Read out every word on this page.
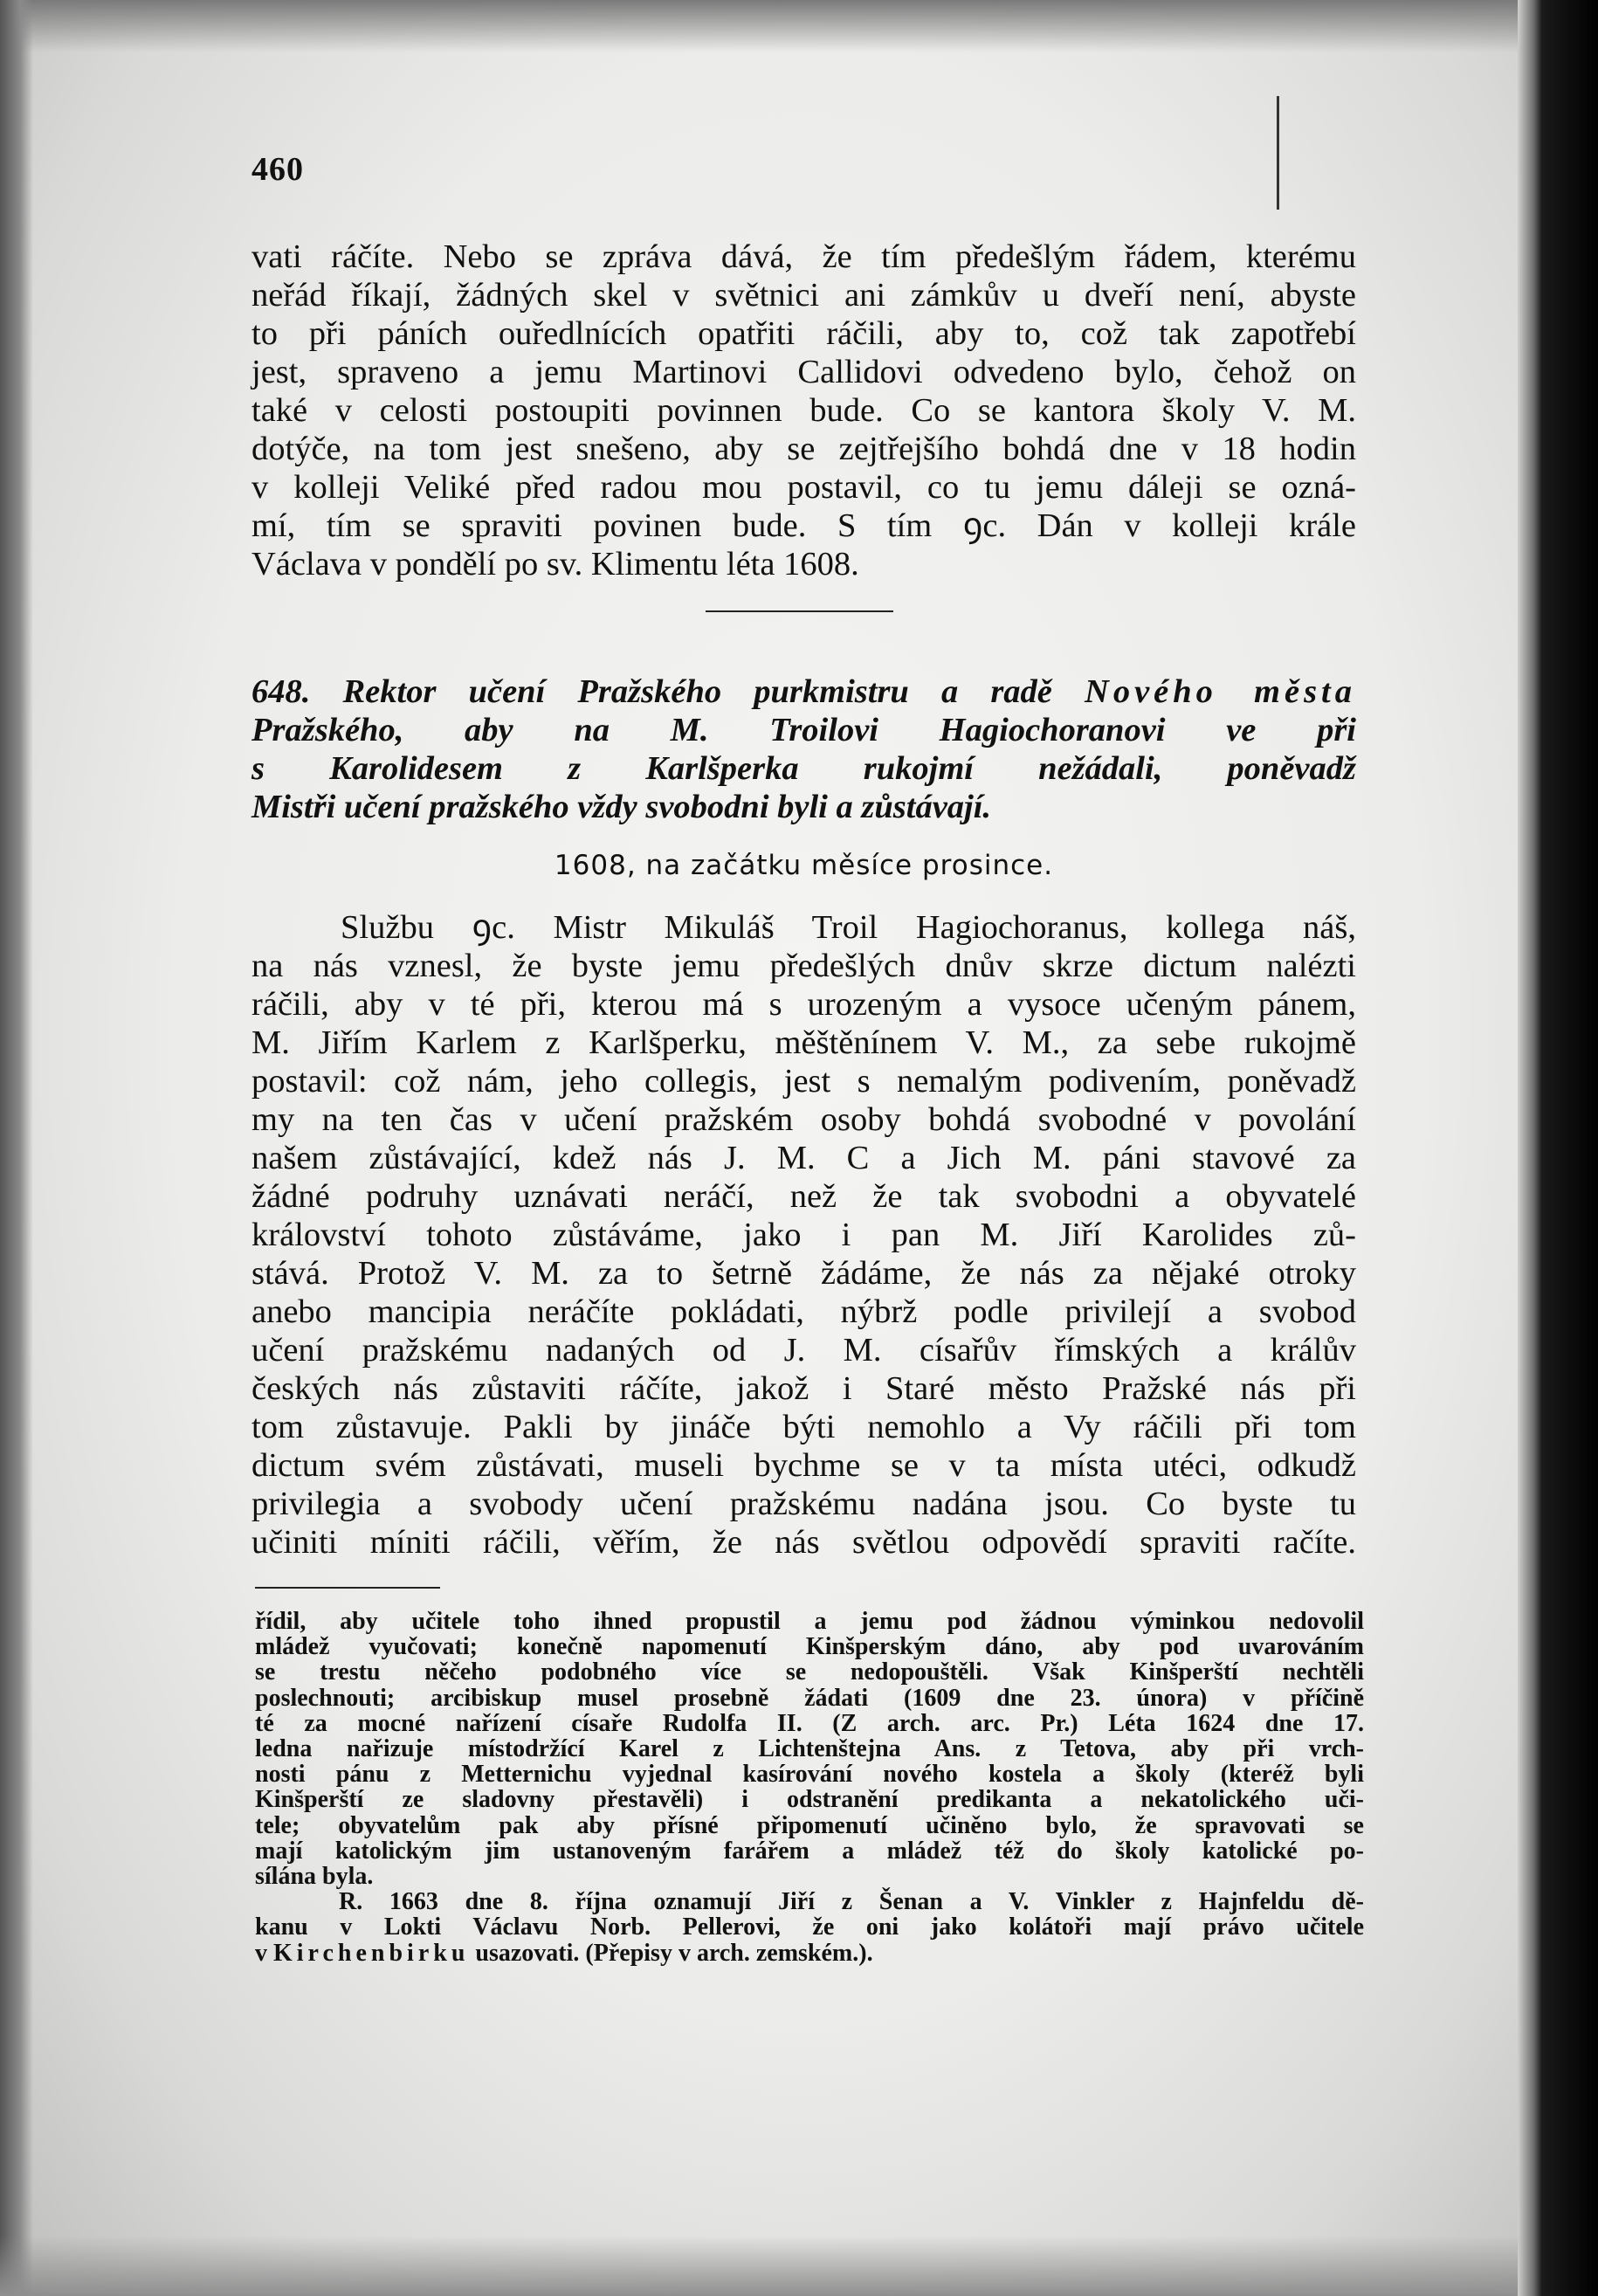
460
vati ráčíte. Nebo se zpráva dává, že tím předešlým řádem, kterému
neřád říkají, žádných skel v světnici ani zámkův u dveří není, abyste
to při páních ouředlnících opatřiti ráčili, aby to, což tak zapotřebí
jest, spraveno a jemu Martinovi Callidovi odvedeno bylo, čehož on
také v celosti postoupiti povinnen bude. Co se kantora školy V. M.
dotýče, na tom jest snešeno, aby se zejtřejšího bohdá dne v 18 hodin
v kolleji Veliké před radou mou postavil, co tu jemu dáleji se ozná-
mí, tím se spraviti povinen bude. S tím ꝯc. Dán v kolleji krále
Václava v pondělí po sv. Klimentu léta 1608.
648. Rektor učení Pražského purkmistru a radě Nového města
Pražského, aby na M. Troilovi Hagiochoranovi ve při
s Karolidesem z Karlšperka rukojmí nežádali, poněvadž
Mistři učení pražského vždy svobodni byli a zůstávají.
1608, na začátku měsíce prosince.
Službu ꝯc. Mistr Mikuláš Troil Hagiochoranus, kollega náš,
na nás vznesl, že byste jemu předešlých dnův skrze dictum nalézti
ráčili, aby v té při, kterou má s urozeným a vysoce učeným pánem,
M. Jiřím Karlem z Karlšperku, měštěnínem V. M., za sebe rukojmě
postavil: což nám, jeho collegis, jest s nemalým podivením, poněvadž
my na ten čas v učení pražském osoby bohdá svobodné v povolání
našem zůstávající, kdež nás J. M. C a Jich M. páni stavové za
žádné podruhy uznávati neráčí, než že tak svobodni a obyvatelé
království tohoto zůstáváme, jako i pan M. Jiří Karolides zů-
stává. Protož V. M. za to šetrně žádáme, že nás za nějaké otroky
anebo mancipia neráčíte pokládati, nýbrž podle privilejí a svobod
učení pražskému nadaných od J. M. císařův římských a králův
českých nás zůstaviti ráčíte, jakož i Staré město Pražské nás při
tom zůstavuje. Pakli by jináče býti nemohlo a Vy ráčili při tom
dictum svém zůstávati, museli bychme se v ta místa utéci, odkudž
privilegia a svobody učení pražskému nadána jsou. Co byste tu
učiniti míniti ráčili, věřím, že nás světlou odpovědí spraviti račíte.
řídil, aby učitele toho ihned propustil a jemu pod žádnou výminkou nedovolil
mládež vyučovati; konečně napomenutí Kinšperským dáno, aby pod uvarováním
se trestu něčeho podobného více se nedopouštěli. Však Kinšperští nechtěli
poslechnouti; arcibiskup musel prosebně žádati (1609 dne 23. února) v příčině
té za mocné nařízení císaře Rudolfa II. (Z arch. arc. Pr.) Léta 1624 dne 17.
ledna nařizuje místodržící Karel z Lichtenštejna Ans. z Tetova, aby při vrch-
nosti pánu z Metternichu vyjednal kasírování nového kostela a školy (kteréž byli
Kinšperští ze sladovny přestavěli) i odstranění predikanta a nekatolického uči-
tele; obyvatelům pak aby přísné připomenutí učiněno bylo, že spravovati se
mají katolickým jim ustanoveným farářem a mládež též do školy katolické po-
sílána byla.
R. 1663 dne 8. října oznamují Jiří z Šenan a V. Vinkler z Hajnfeldu dě-
kanu v Lokti Václavu Norb. Pellerovi, že oni jako kolátoři mají právo učitele
v Kirchenbirku usazovati. (Přepisy v arch. zemském.).
